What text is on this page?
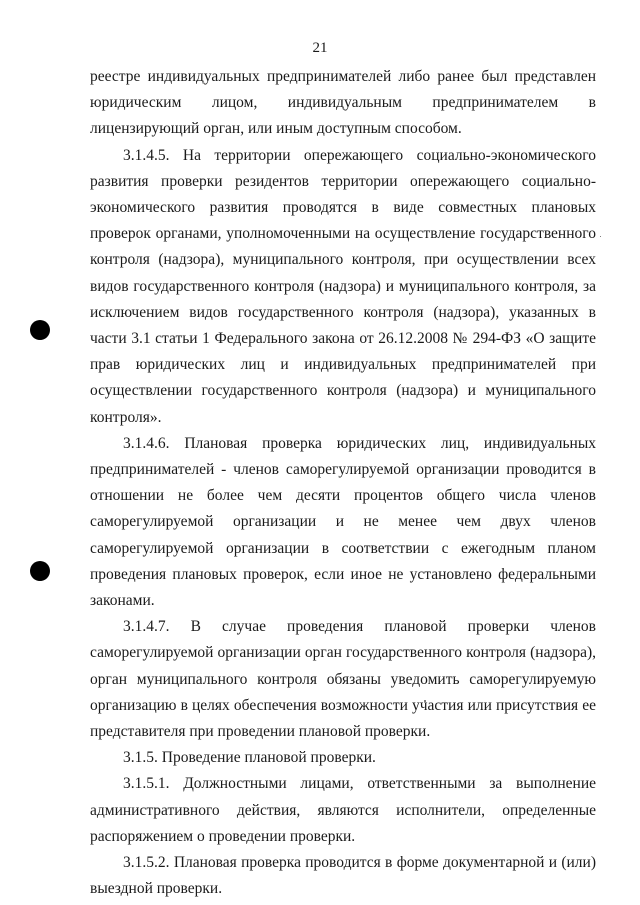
21

реестре индивидуальных предпринимателей либо ранее был представлен юридическим лицом, индивидуальным предпринимателем в лицензирующий орган, или иным доступным способом.

3.1.4.5. На территории опережающего социально-экономического развития проверки резидентов территории опережающего социально-экономического развития проводятся в виде совместных плановых проверок органами, уполномоченными на осуществление государственного контроля (надзора), муниципального контроля, при осуществлении всех видов государственного контроля (надзора) и муниципального контроля, за исключением видов государственного контроля (надзора), указанных в части 3.1 статьи 1 Федерального закона от 26.12.2008 № 294-ФЗ «О защите прав юридических лиц и индивидуальных предпринимателей при осуществлении государственного контроля (надзора) и муниципального контроля».

3.1.4.6. Плановая проверка юридических лиц, индивидуальных предпринимателей - членов саморегулируемой организации проводится в отношении не более чем десяти процентов общего числа членов саморегулируемой организации и не менее чем двух членов саморегулируемой организации в соответствии с ежегодным планом проведения плановых проверок, если иное не установлено федеральными законами.

3.1.4.7. В случае проведения плановой проверки членов саморегулируемой организации орган государственного контроля (надзора), орган муниципального контроля обязаны уведомить саморегулируемую организацию в целях обеспечения возможности участия или присутствия ее представителя при проведении плановой проверки.

3.1.5. Проведение плановой проверки.

3.1.5.1. Должностными лицами, ответственными за выполнение административного действия, являются исполнители, определенные распоряжением о проведении проверки.

3.1.5.2. Плановая проверка проводится в форме документарной и (или) выездной проверки.
